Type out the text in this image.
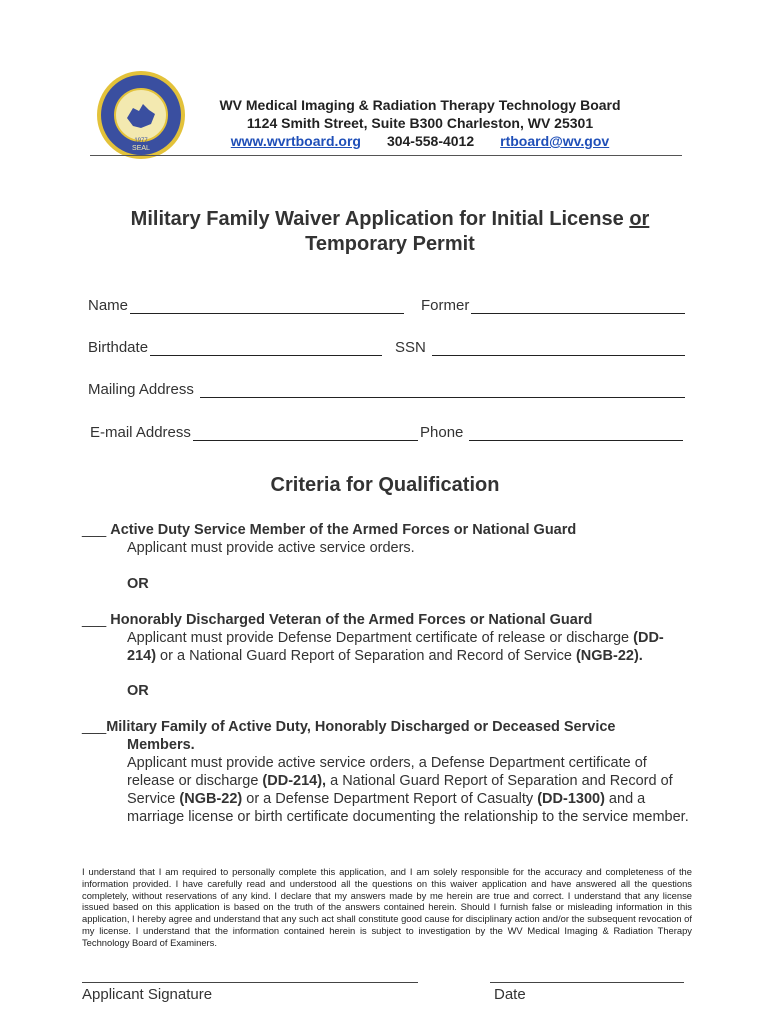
SEAL
1977
WV Medical Imaging & Radiation Therapy Technology Board
1124 Smith Street, Suite B300 Charleston, WV 25301
www.wvrtboard.org 304-558-4012 rtboard@wv.gov
Military Family Waiver Application for Initial License or
Temporary Permit
Name	Former
Birthdate	SSN
Mailing Address
E-mail Address	Phone
Criteria for Qualification
___ Active Duty Service Member of the Armed Forces or National Guard
Applicant must provide active service orders.
OR
___ Honorably Discharged Veteran of the Armed Forces or National Guard
Applicant must provide Defense Department certificate of release or discharge (DD-214) or a National Guard Report of Separation and Record of Service (NGB-22).
OR
___Military Family of Active Duty, Honorably Discharged or Deceased Service
Members.
Applicant must provide active service orders, a Defense Department certificate of release or discharge (DD-214), a National Guard Report of Separation and Record of Service (NGB-22) or a Defense Department Report of Casualty (DD-1300) and a marriage license or birth certificate documenting the relationship to the service member.
I understand that I am required to personally complete this application, and I am solely responsible for the accuracy and completeness of the information provided. I have carefully read and understood all the questions on this waiver application and have answered all the questions completely, without reservations of any kind. I declare that my answers made by me herein are true and correct. I understand that any license issued based on this application is based on the truth of the answers contained herein. Should I furnish false or misleading information in this application, I hereby agree and understand that any such act shall constitute good cause for disciplinary action and/or the subsequent revocation of my license. I understand that the information contained herein is subject to investigation by the WV Medical Imaging & Radiation Therapy Technology Board of Examiners.
Applicant Signature	Date
